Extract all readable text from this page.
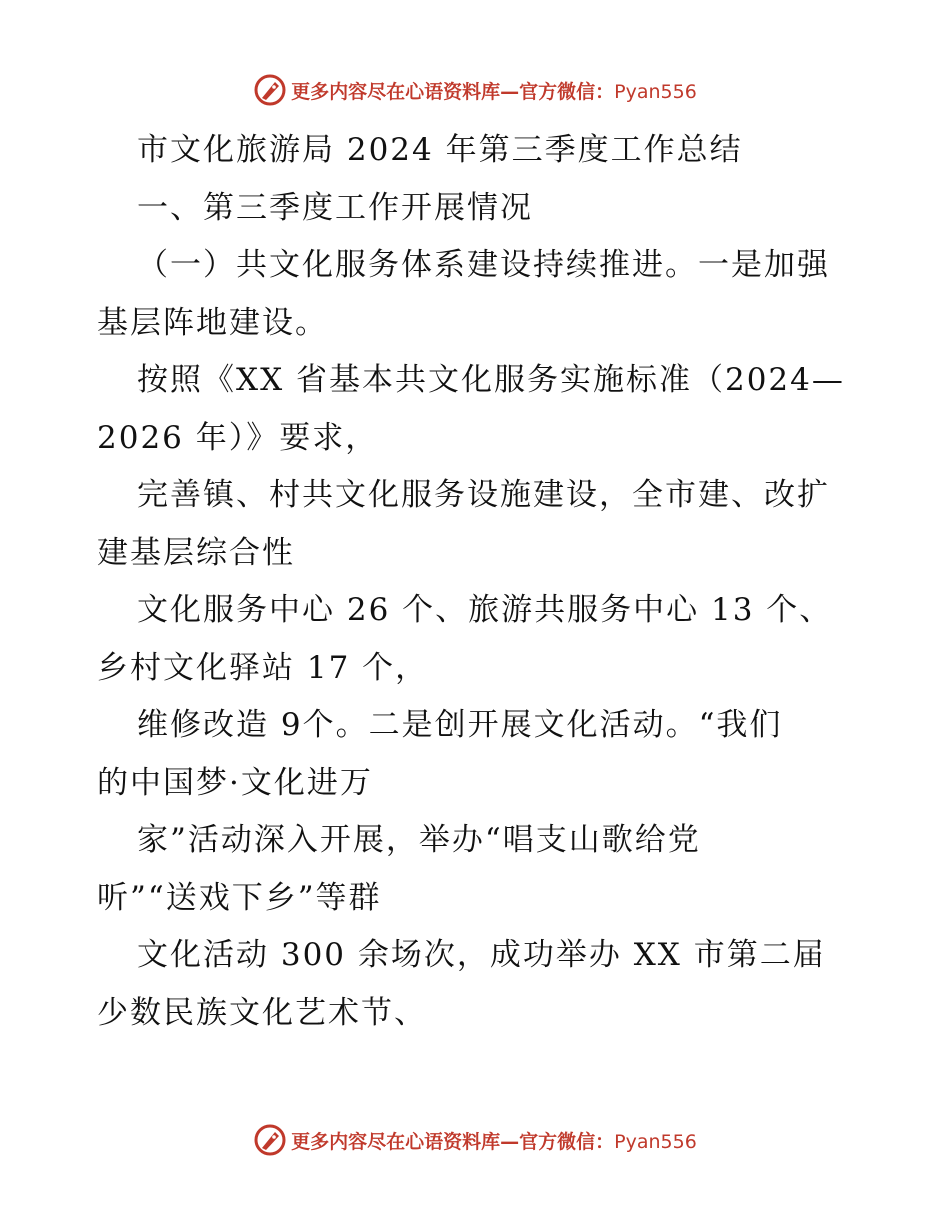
更多内容尽在心语资料库—官方微信：Pyan556
市文化旅游局 2024 年第三季度工作总结
一、第三季度工作开展情况
（一）共文化服务体系建设持续推进。一是加强
基层阵地建设。
按照《XX 省基本共文化服务实施标准（2024—
2026 年）》要求，
完善镇、村共文化服务设施建设，全市建、改扩
建基层综合性
文化服务中心 26 个、旅游共服务中心 13 个、
乡村文化驿站 17 个，
维修改造 9个。二是创开展文化活动。“我们
的中国梦·文化进万
家”活动深入开展，举办“唱支山歌给党
听”“送戏下乡”等群
文化活动 300 余场次，成功举办 XX 市第二届
少数民族文化艺术节、
更多内容尽在心语资料库—官方微信：Pyan556
